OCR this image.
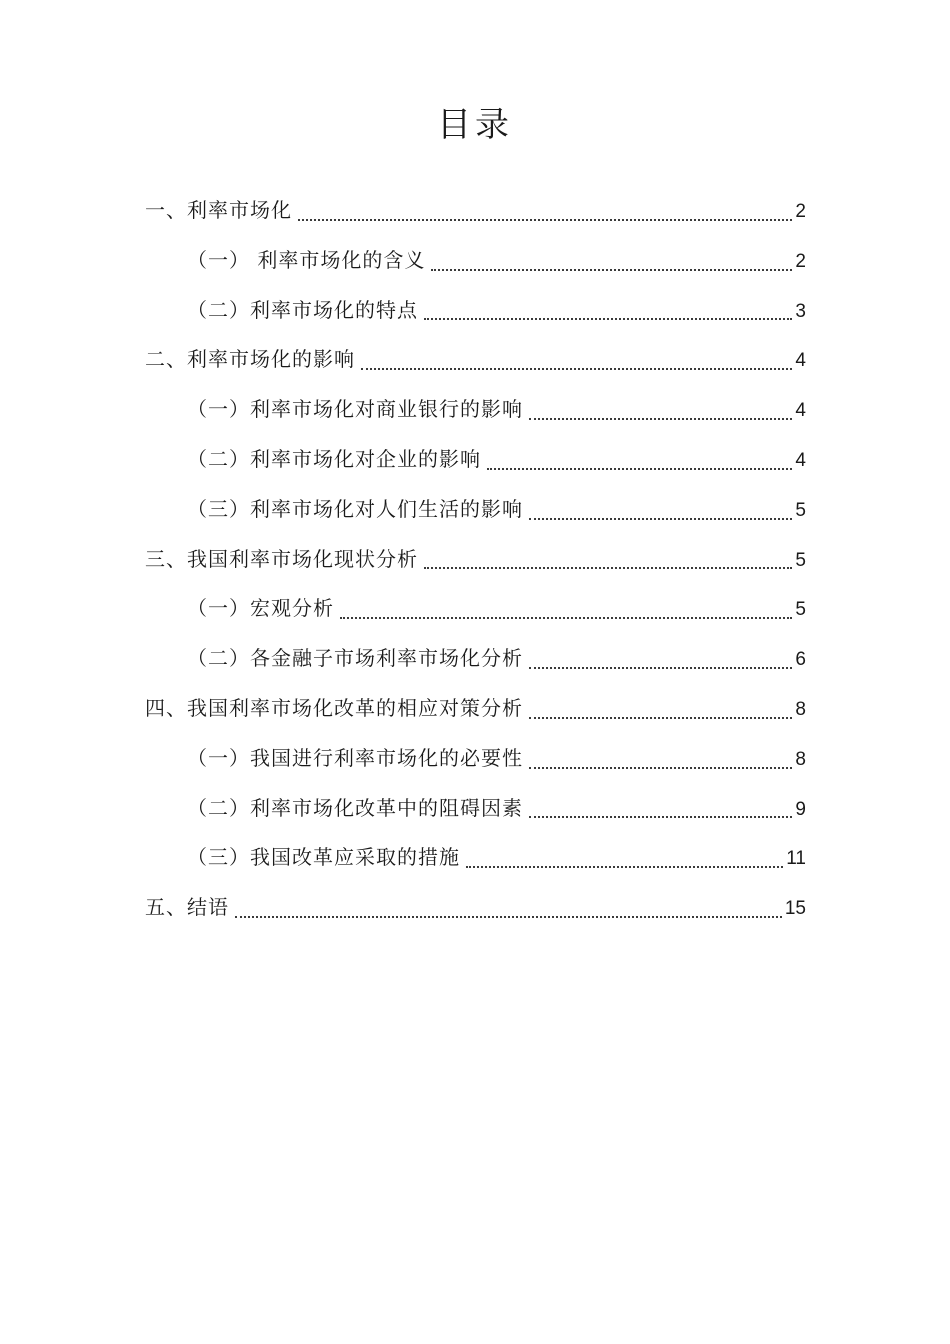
目录
一、利率市场化	2
（一） 利率市场化的含义	2
（二）利率市场化的特点	3
二、利率市场化的影响	4
（一）利率市场化对商业银行的影响	4
（二）利率市场化对企业的影响	4
（三）利率市场化对人们生活的影响	5
三、我国利率市场化现状分析	5
（一）宏观分析	5
（二）各金融子市场利率市场化分析	6
四、我国利率市场化改革的相应对策分析	8
（一）我国进行利率市场化的必要性	8
（二）利率市场化改革中的阻碍因素	9
（三）我国改革应采取的措施	11
五、结语	15
